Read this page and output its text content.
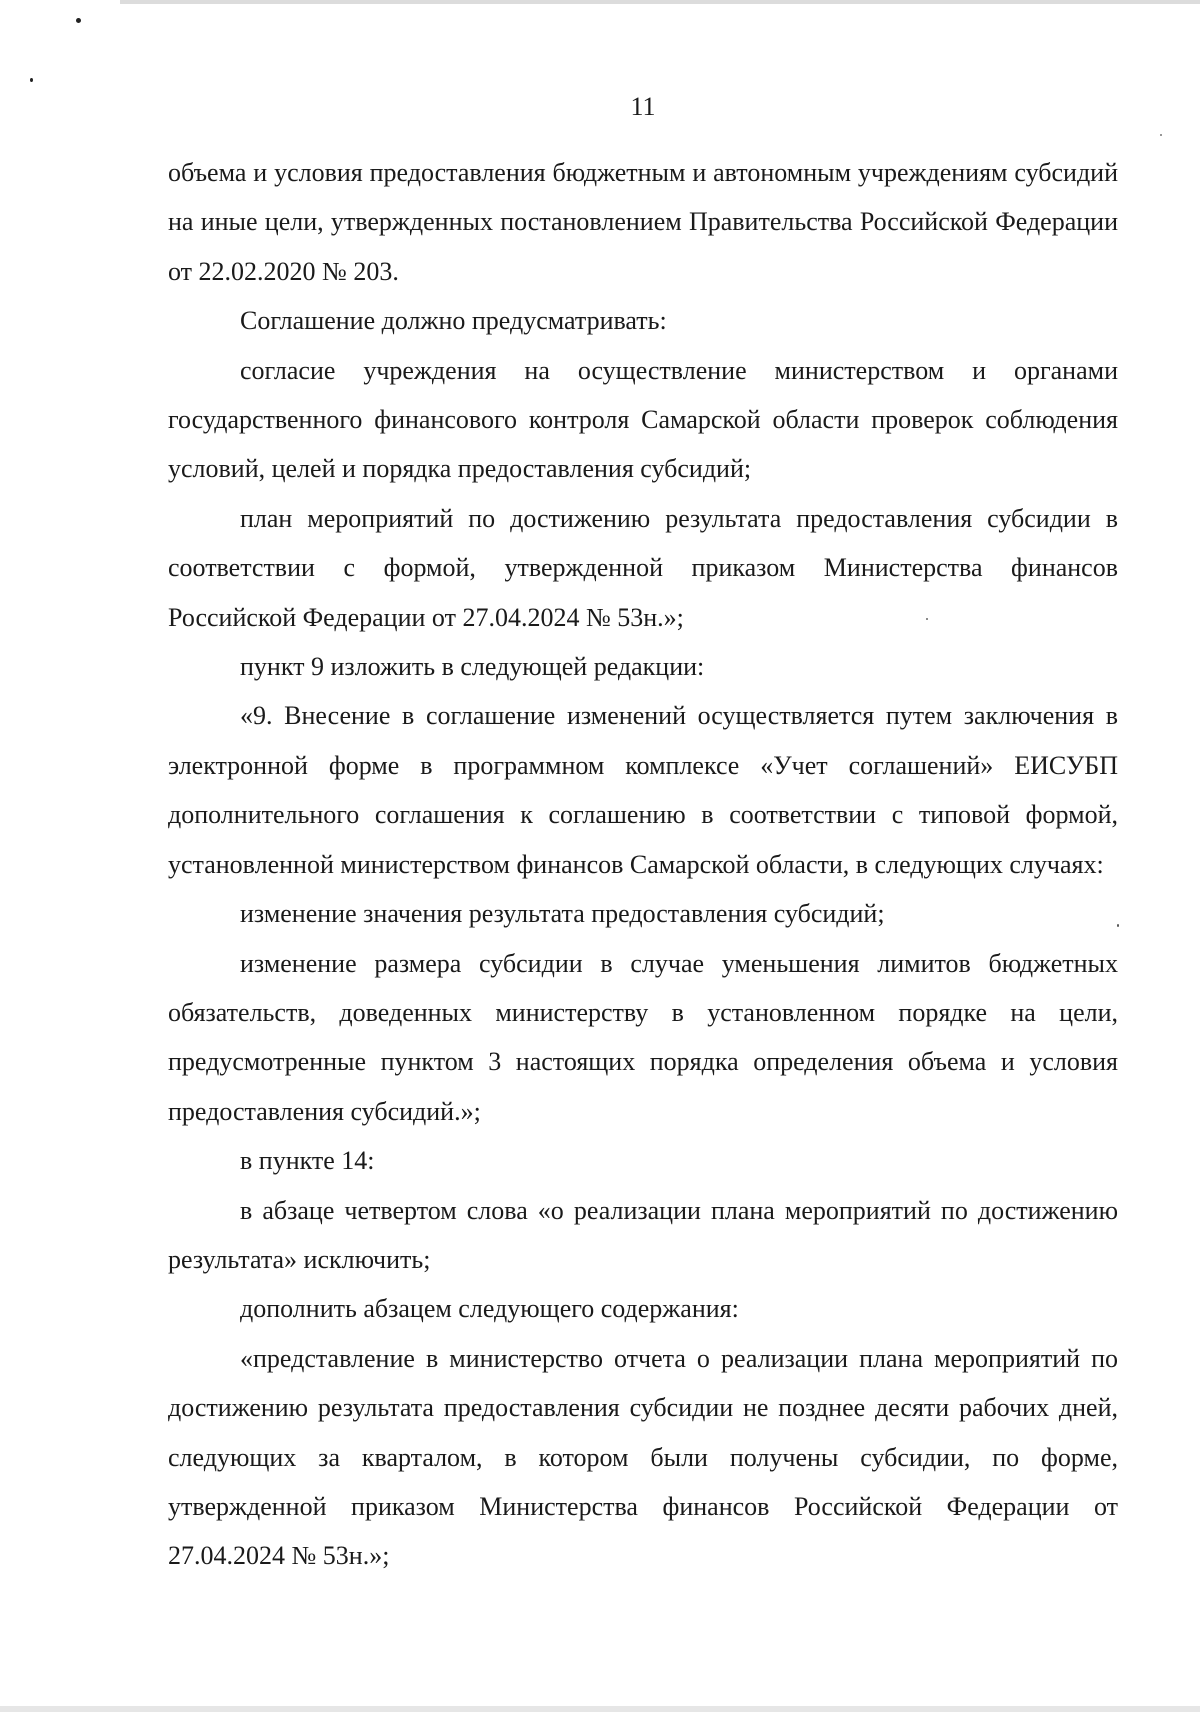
11

объема и условия предоставления бюджетным и автономным учреждениям субсидий на иные цели, утвержденных постановлением Правительства Российской Федерации от 22.02.2020 № 203.

Соглашение должно предусматривать:

согласие учреждения на осуществление министерством и органами государственного финансового контроля Самарской области проверок соблюдения условий, целей и порядка предоставления субсидий;

план мероприятий по достижению результата предоставления субсидии в соответствии с формой, утвержденной приказом Министерства финансов Российской Федерации от 27.04.2024 № 53н.»;

пункт 9 изложить в следующей редакции:

«9. Внесение в соглашение изменений осуществляется путем заключения в электронной форме в программном комплексе «Учет соглашений» ЕИСУБП дополнительного соглашения к соглашению в соответствии с типовой формой, установленной министерством финансов Самарской области, в следующих случаях:

изменение значения результата предоставления субсидий;

изменение размера субсидии в случае уменьшения лимитов бюджетных обязательств, доведенных министерству в установленном порядке на цели, предусмотренные пунктом 3 настоящих порядка определения объема и условия предоставления субсидий.»;

в пункте 14:

в абзаце четвертом слова «о реализации плана мероприятий по достижению результата» исключить;

дополнить абзацем следующего содержания:

«представление в министерство отчета о реализации плана мероприятий по достижению результата предоставления субсидии не позднее десяти рабочих дней, следующих за кварталом, в котором были получены субсидии, по форме, утвержденной приказом Министерства финансов Российской Федерации от 27.04.2024 № 53н.»;
